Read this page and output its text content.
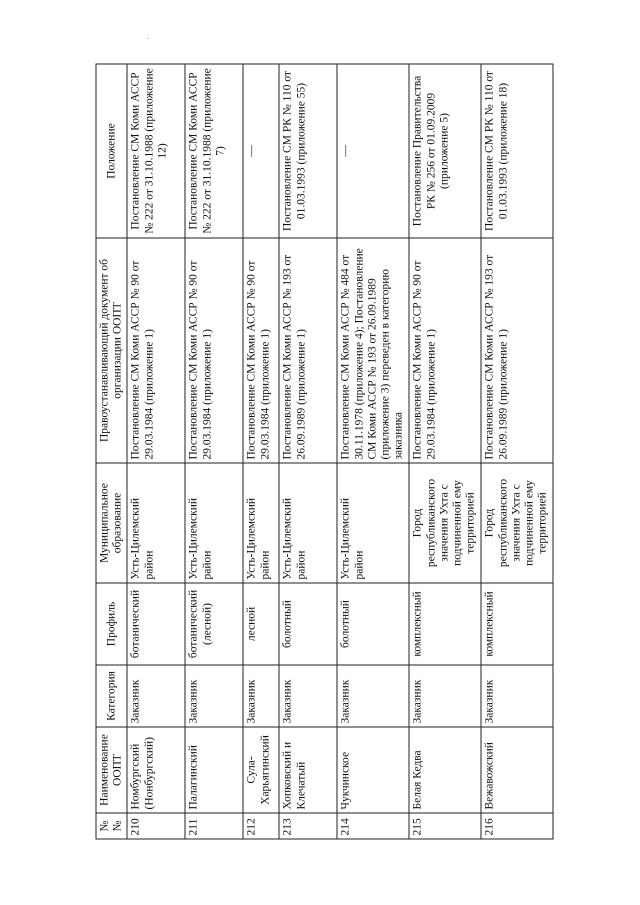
№ №	Наименование ООПТ	Категория	Профиль	Муниципальное образование	Правоустанавливающий документ об организации ООПТ	Положение
210	Номбургский (Нонбургский)	Заказник	ботанический	Усть-Цилемский район	Постановление СМ Коми АССР № 90 от 29.03.1984 (приложение 1)	Постановление СМ Коми АССР № 222 от 31.10.1988 (приложение 12)
211	Палагинский	Заказник	ботанический (лесной)	Усть-Цилемский район	Постановление СМ Коми АССР № 90 от 29.03.1984 (приложение 1)	Постановление СМ Коми АССР № 222 от 31.10.1988 (приложение 7)
212	Сула-Харьягинский	Заказник	лесной	Усть-Цилемский район	Постановление СМ Коми АССР № 90 от 29.03.1984 (приложение 1)	—
213	Хопковский и Клечатый	Заказник	болотный	Усть-Цилемский район	Постановление СМ Коми АССР № 193 от 26.09.1989 (приложение 1)	Постановление СМ РК № 110 от 01.03.1993 (приложение 55)
214	Чукчинское	Заказник	болотный	Усть-Цилемский район	Постановление СМ Коми АССР № 484 от 30.11.1978 (приложение 4); Постановление СМ Коми АССР № 193 от 26.09.1989 (приложение 3) переведен в категорию заказника	—
215	Белая Кедва	Заказник	комплексный	Город республиканского значения Ухта с подчиненной ему территорией	Постановление СМ Коми АССР № 90 от 29.03.1984 (приложение 1)	Постановление Правительства РК № 256 от 01.09.2009 (приложение 5)
216	Вежавожский	Заказник	комплексный	Город республиканского значения Ухта с подчиненной ему территорией	Постановление СМ Коми АССР № 193 от 26.09.1989 (приложение 1)	Постановление СМ РК № 110 от 01.03.1993 (приложение 18)
